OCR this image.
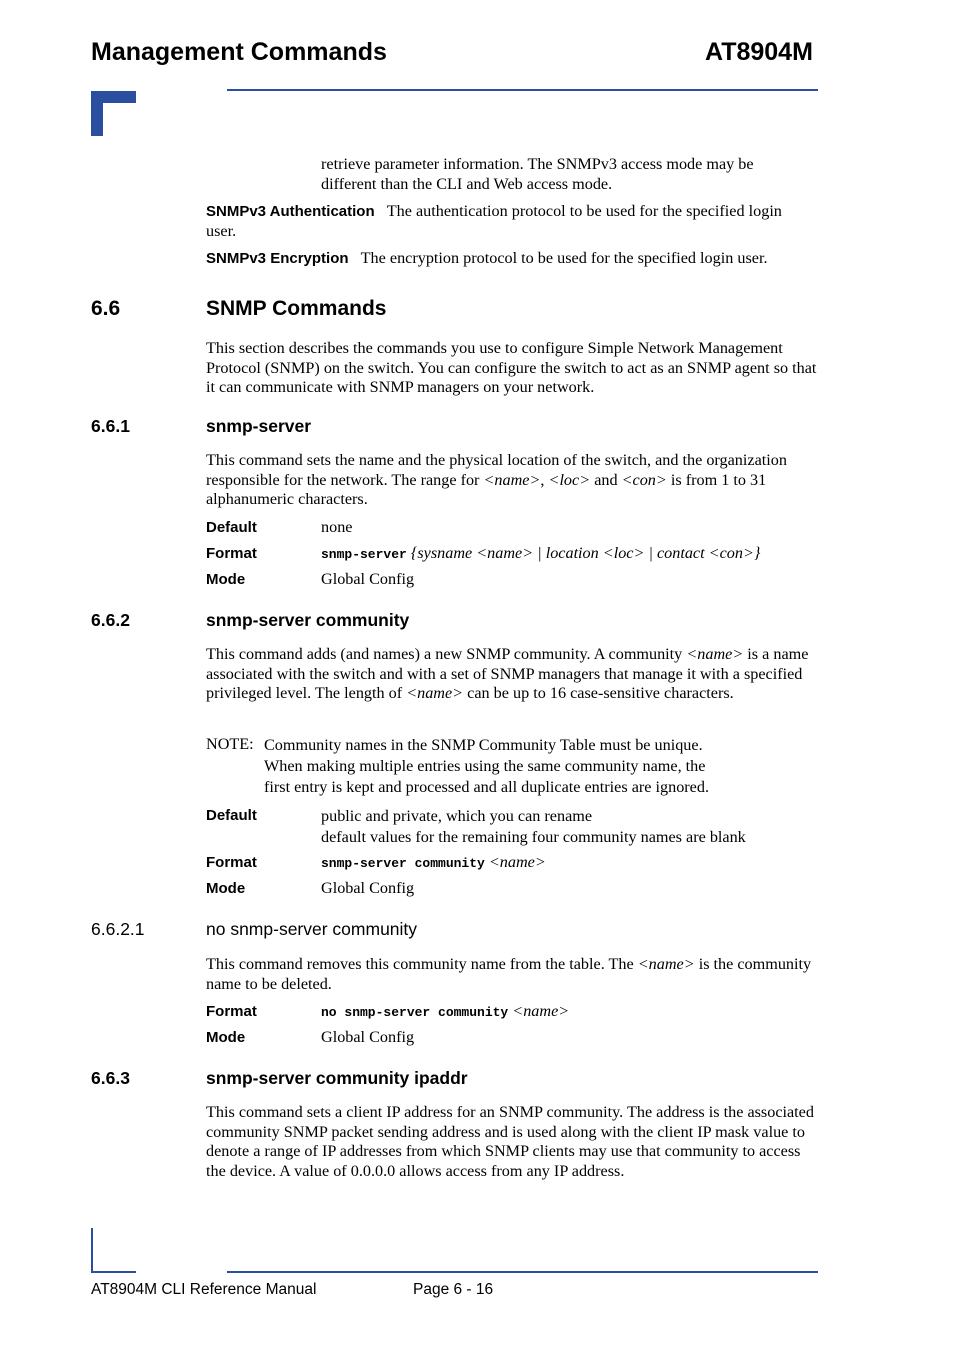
Management Commands	AT8904M
retrieve parameter information. The SNMPv3 access mode may be different than the CLI and Web access mode.
SNMPv3 Authentication The authentication protocol to be used for the specified login user.
SNMPv3 Encryption The encryption protocol to be used for the specified login user.
6.6	SNMP Commands
This section describes the commands you use to configure Simple Network Management Protocol (SNMP) on the switch. You can configure the switch to act as an SNMP agent so that it can communicate with SNMP managers on your network.
6.6.1	snmp-server
This command sets the name and the physical location of the switch, and the organization responsible for the network. The range for <name>, <loc> and <con> is from 1 to 31 alphanumeric characters.
Default	none
Format	snmp-server {sysname <name> | location <loc> | contact <con>}
Mode	Global Config
6.6.2	snmp-server community
This command adds (and names) a new SNMP community. A community <name> is a name associated with the switch and with a set of SNMP managers that manage it with a specified privileged level. The length of <name> can be up to 16 case-sensitive characters.
NOTE: Community names in the SNMP Community Table must be unique.
When making multiple entries using the same community name, the
first entry is kept and processed and all duplicate entries are ignored.
Default	public and private, which you can rename
default values for the remaining four community names are blank
Format	snmp-server community <name>
Mode	Global Config
6.6.2.1	no snmp-server community
This command removes this community name from the table. The <name> is the community name to be deleted.
Format	no snmp-server community <name>
Mode	Global Config
6.6.3	snmp-server community ipaddr
This command sets a client IP address for an SNMP community. The address is the associated community SNMP packet sending address and is used along with the client IP mask value to denote a range of IP addresses from which SNMP clients may use that community to access the device. A value of 0.0.0.0 allows access from any IP address.
AT8904M CLI Reference Manual	Page 6 - 16
